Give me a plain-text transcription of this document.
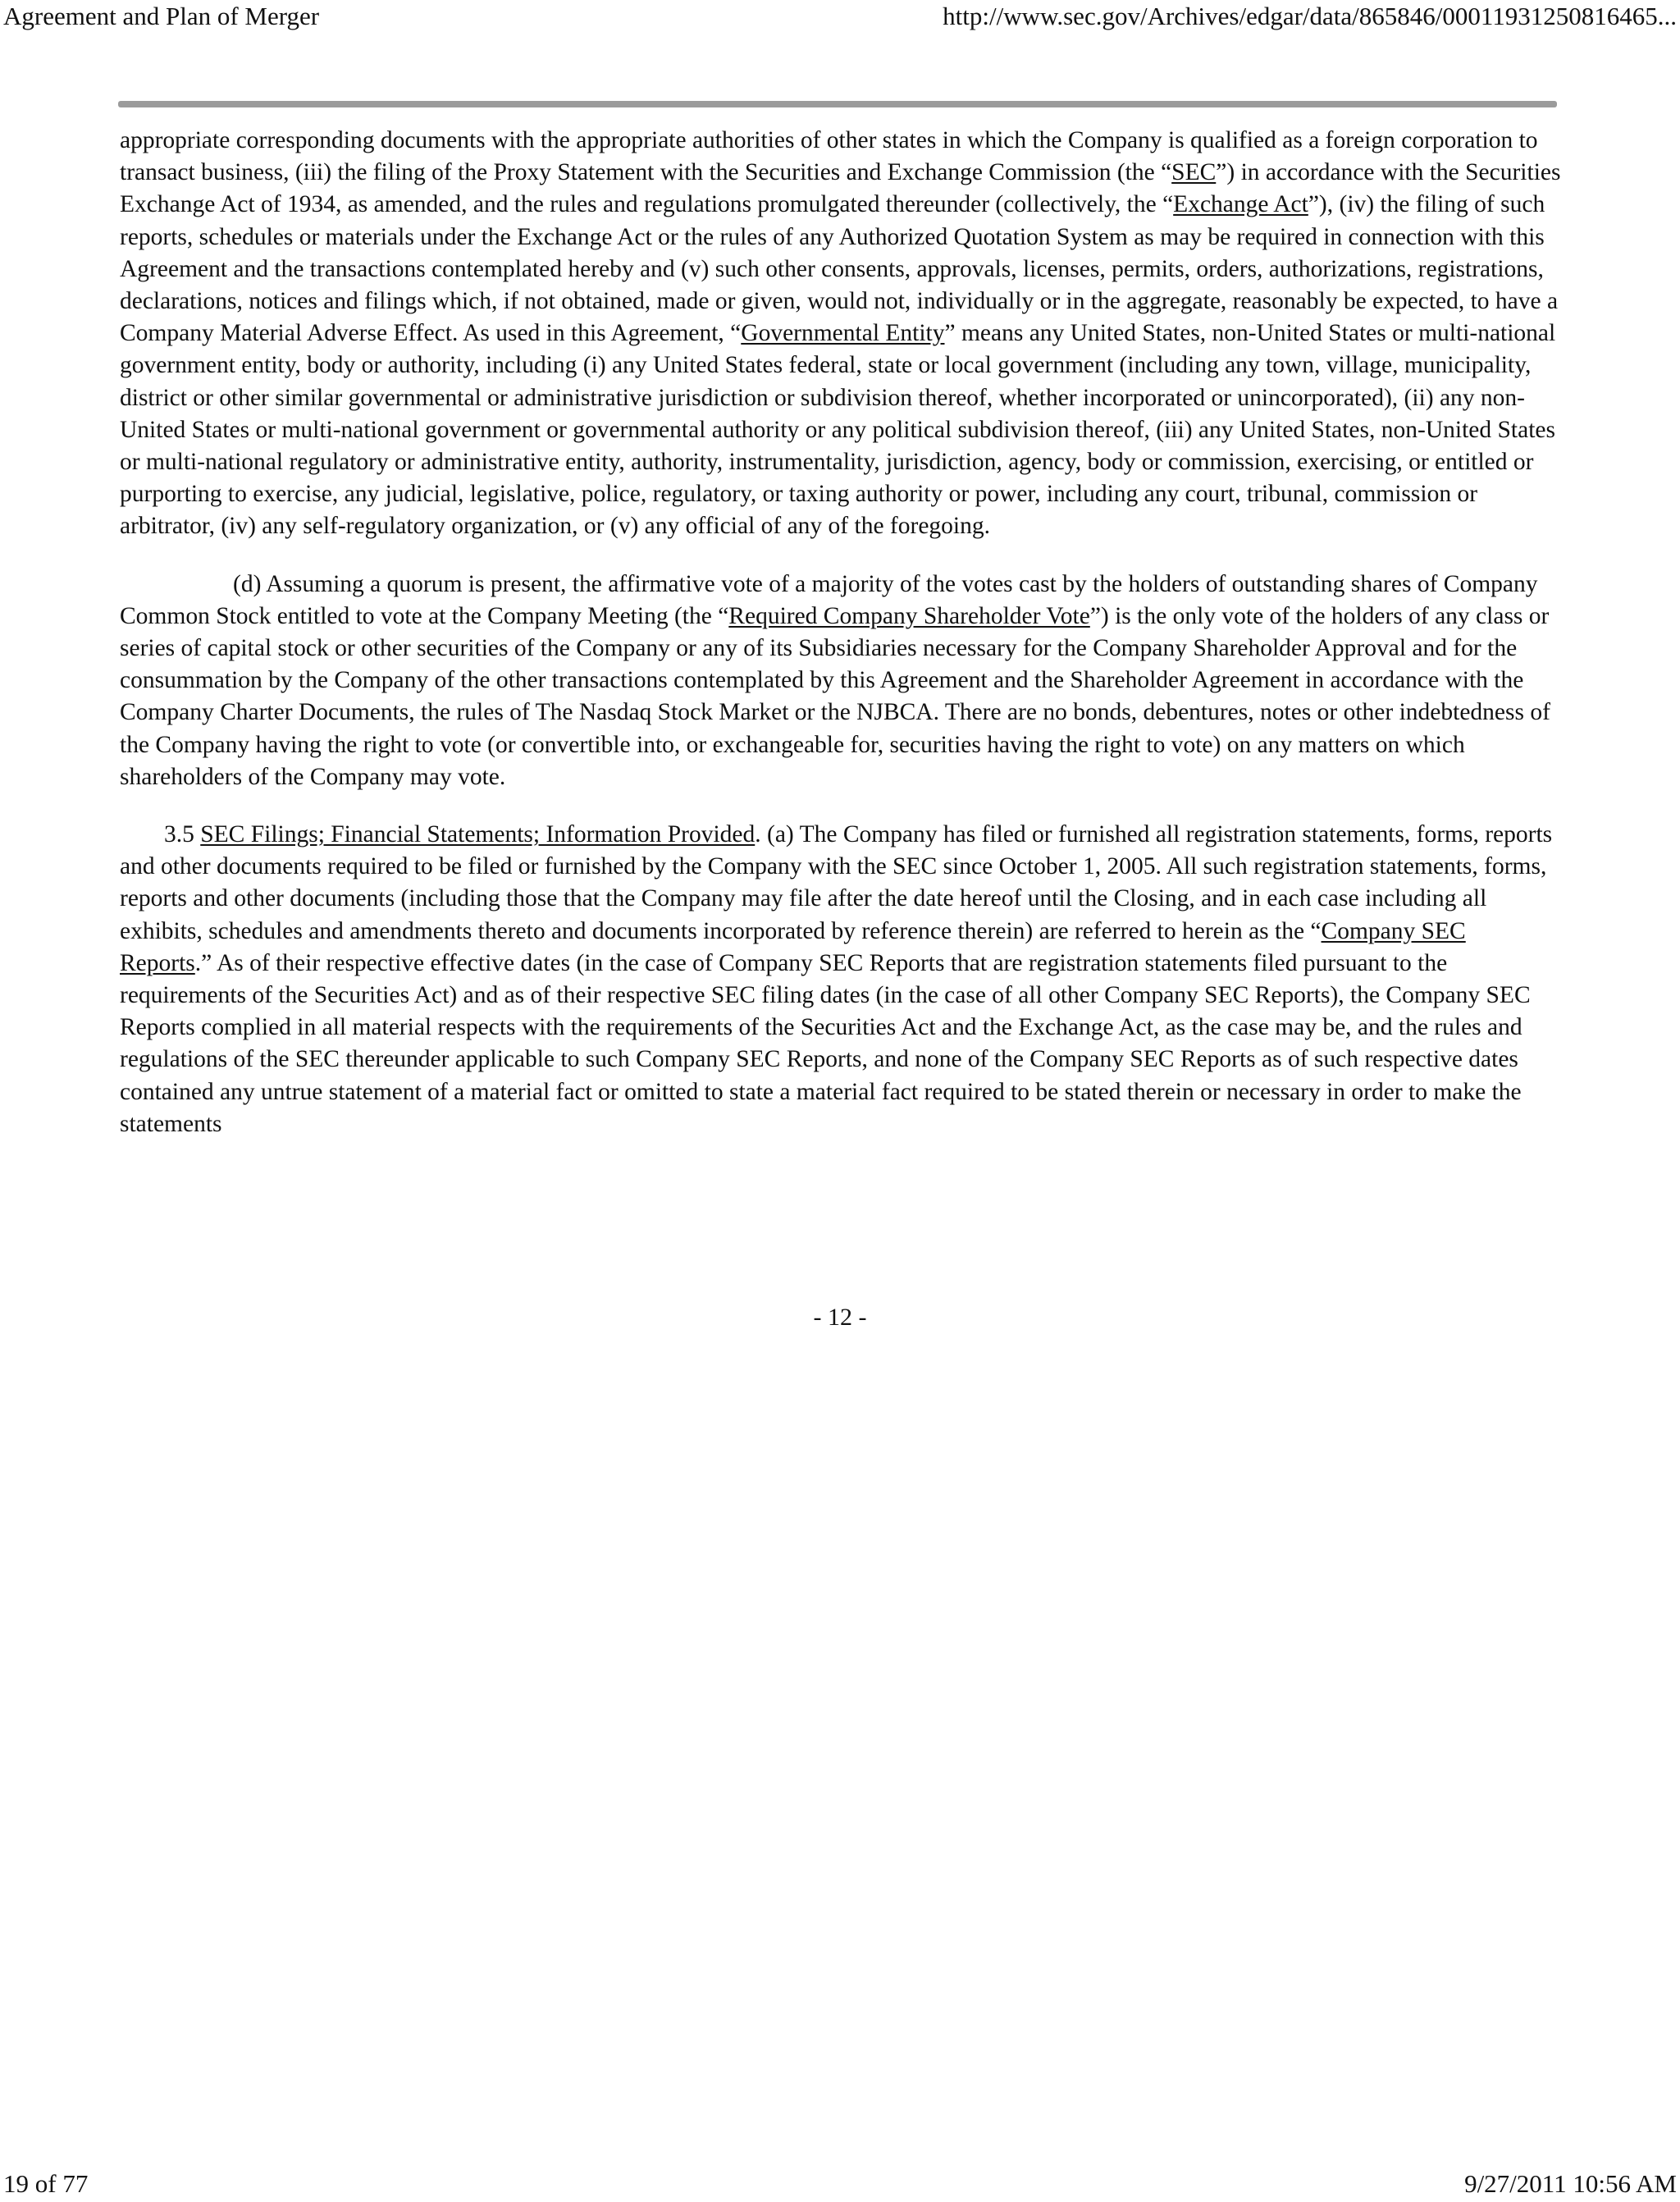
Agreement and Plan of Merger	http://www.sec.gov/Archives/edgar/data/865846/00011931250816465...

appropriate corresponding documents with the appropriate authorities of other states in which the Company is qualified as a foreign corporation to transact business, (iii) the filing of the Proxy Statement with the Securities and Exchange Commission (the “SEC”) in accordance with the Securities Exchange Act of 1934, as amended, and the rules and regulations promulgated thereunder (collectively, the “Exchange Act”), (iv) the filing of such reports, schedules or materials under the Exchange Act or the rules of any Authorized Quotation System as may be required in connection with this Agreement and the transactions contemplated hereby and (v) such other consents, approvals, licenses, permits, orders, authorizations, registrations, declarations, notices and filings which, if not obtained, made or given, would not, individually or in the aggregate, reasonably be expected, to have a Company Material Adverse Effect. As used in this Agreement, “Governmental Entity” means any United States, non-United States or multi-national government entity, body or authority, including (i) any United States federal, state or local government (including any town, village, municipality, district or other similar governmental or administrative jurisdiction or subdivision thereof, whether incorporated or unincorporated), (ii) any non-United States or multi-national government or governmental authority or any political subdivision thereof, (iii) any United States, non-United States or multi-national regulatory or administrative entity, authority, instrumentality, jurisdiction, agency, body or commission, exercising, or entitled or purporting to exercise, any judicial, legislative, police, regulatory, or taxing authority or power, including any court, tribunal, commission or arbitrator, (iv) any self-regulatory organization, or (v) any official of any of the foregoing.

(d) Assuming a quorum is present, the affirmative vote of a majority of the votes cast by the holders of outstanding shares of Company Common Stock entitled to vote at the Company Meeting (the “Required Company Shareholder Vote”) is the only vote of the holders of any class or series of capital stock or other securities of the Company or any of its Subsidiaries necessary for the Company Shareholder Approval and for the consummation by the Company of the other transactions contemplated by this Agreement and the Shareholder Agreement in accordance with the Company Charter Documents, the rules of The Nasdaq Stock Market or the NJBCA. There are no bonds, debentures, notes or other indebtedness of the Company having the right to vote (or convertible into, or exchangeable for, securities having the right to vote) on any matters on which shareholders of the Company may vote.

3.5 SEC Filings; Financial Statements; Information Provided. (a) The Company has filed or furnished all registration statements, forms, reports and other documents required to be filed or furnished by the Company with the SEC since October 1, 2005. All such registration statements, forms, reports and other documents (including those that the Company may file after the date hereof until the Closing, and in each case including all exhibits, schedules and amendments thereto and documents incorporated by reference therein) are referred to herein as the “Company SEC Reports.” As of their respective effective dates (in the case of Company SEC Reports that are registration statements filed pursuant to the requirements of the Securities Act) and as of their respective SEC filing dates (in the case of all other Company SEC Reports), the Company SEC Reports complied in all material respects with the requirements of the Securities Act and the Exchange Act, as the case may be, and the rules and regulations of the SEC thereunder applicable to such Company SEC Reports, and none of the Company SEC Reports as of such respective dates contained any untrue statement of a material fact or omitted to state a material fact required to be stated therein or necessary in order to make the statements

- 12 -
19 of 77	9/27/2011 10:56 AM
